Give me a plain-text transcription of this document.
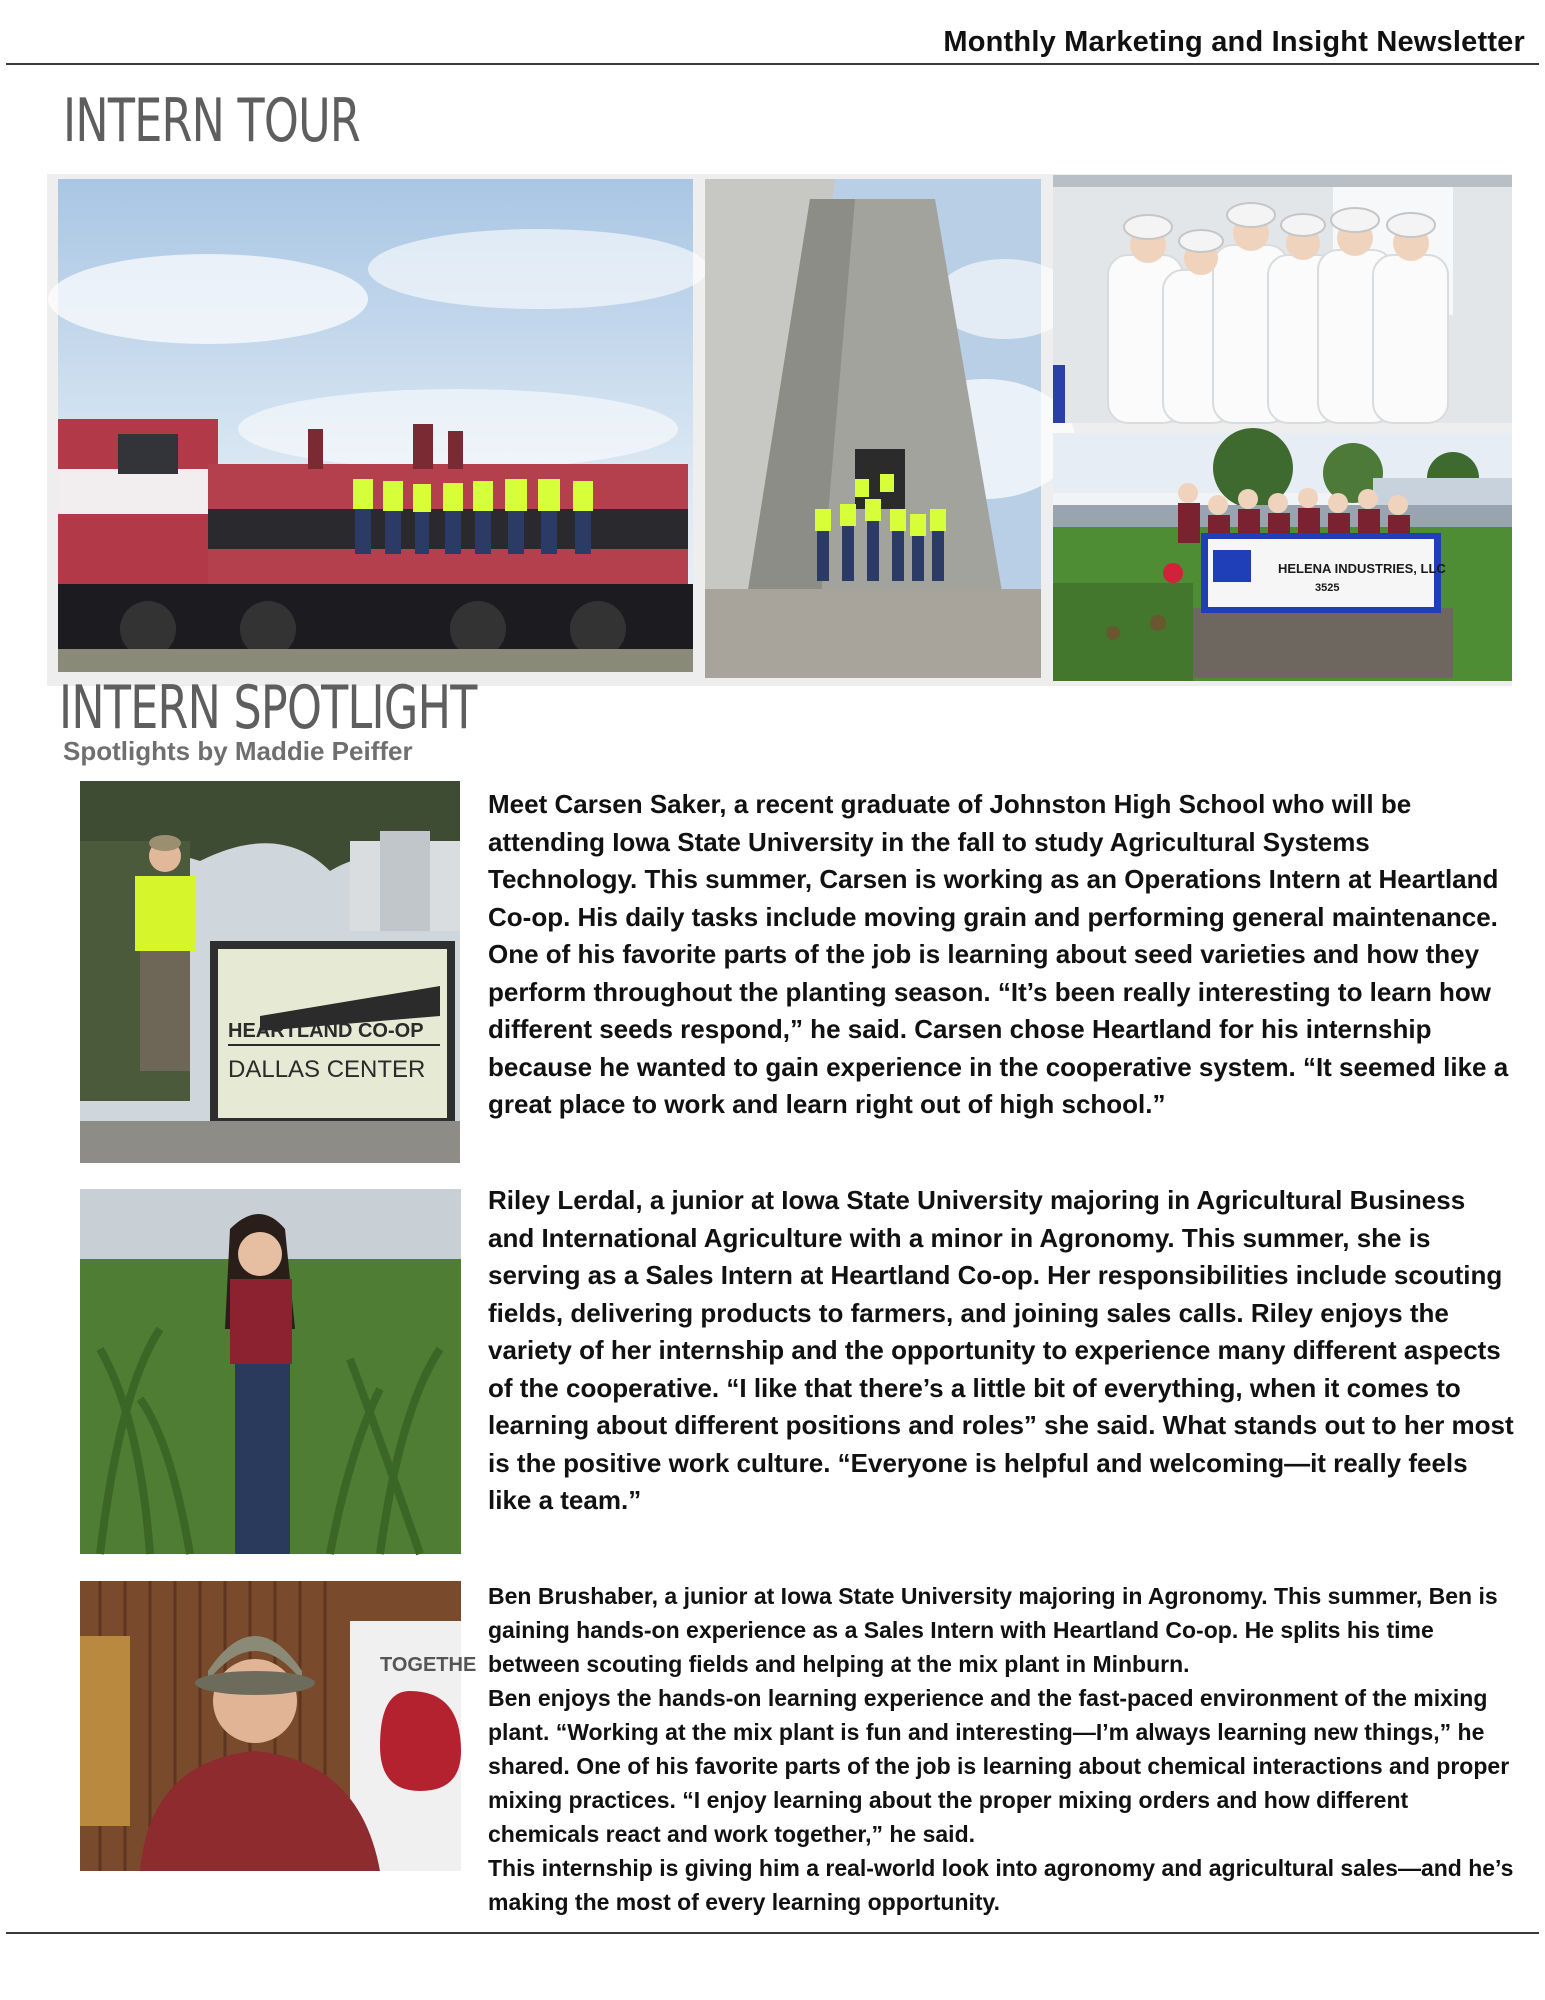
Monthly Marketing and Insight Newsletter
INTERN TOUR
HELENA INDUSTRIES, LLC
3525
INTERN SPOTLIGHT
Spotlights by Maddie Peiffer
HEARTLAND CO-OP
DALLAS CENTER

Meet Carsen Saker, a recent graduate of Johnston High School who will be attending Iowa State University in the fall to study Agricultural Systems Technology. This summer, Carsen is working as an Operations Intern at Heartland Co-op. His daily tasks include moving grain and performing general maintenance. One of his favorite parts of the job is learning about seed varieties and how they perform throughout the planting season. “It’s been really interesting to learn how different seeds respond,” he said. Carsen chose Heartland for his internship because he wanted to gain experience in the cooperative system. “It seemed like a great place to work and learn right out of high school.”

Riley Lerdal, a junior at Iowa State University majoring in Agricultural Business and International Agriculture with a minor in Agronomy. This summer, she is serving as a Sales Intern at Heartland Co-op. Her responsibilities include scouting fields, delivering products to farmers, and joining sales calls. Riley enjoys the variety of her internship and the opportunity to experience many different aspects of the cooperative. “I like that there’s a little bit of everything, when it comes to learning about different positions and roles” she said. What stands out to her most is the positive work culture. “Everyone is helpful and welcoming—it really feels like a team.”

TOGETHE

Ben Brushaber, a junior at Iowa State University majoring in Agronomy. This summer, Ben is gaining hands-on experience as a Sales Intern with Heartland Co-op. He splits his time between scouting fields and helping at the mix plant in Minburn.

Ben enjoys the hands-on learning experience and the fast-paced environment of the mixing plant. “Working at the mix plant is fun and interesting—I’m always learning new things,” he shared. One of his favorite parts of the job is learning about chemical interactions and proper mixing practices. “I enjoy learning about the proper mixing orders and how different chemicals react and work together,” he said.

This internship is giving him a real-world look into agronomy and agricultural sales—and he’s making the most of every learning opportunity.
